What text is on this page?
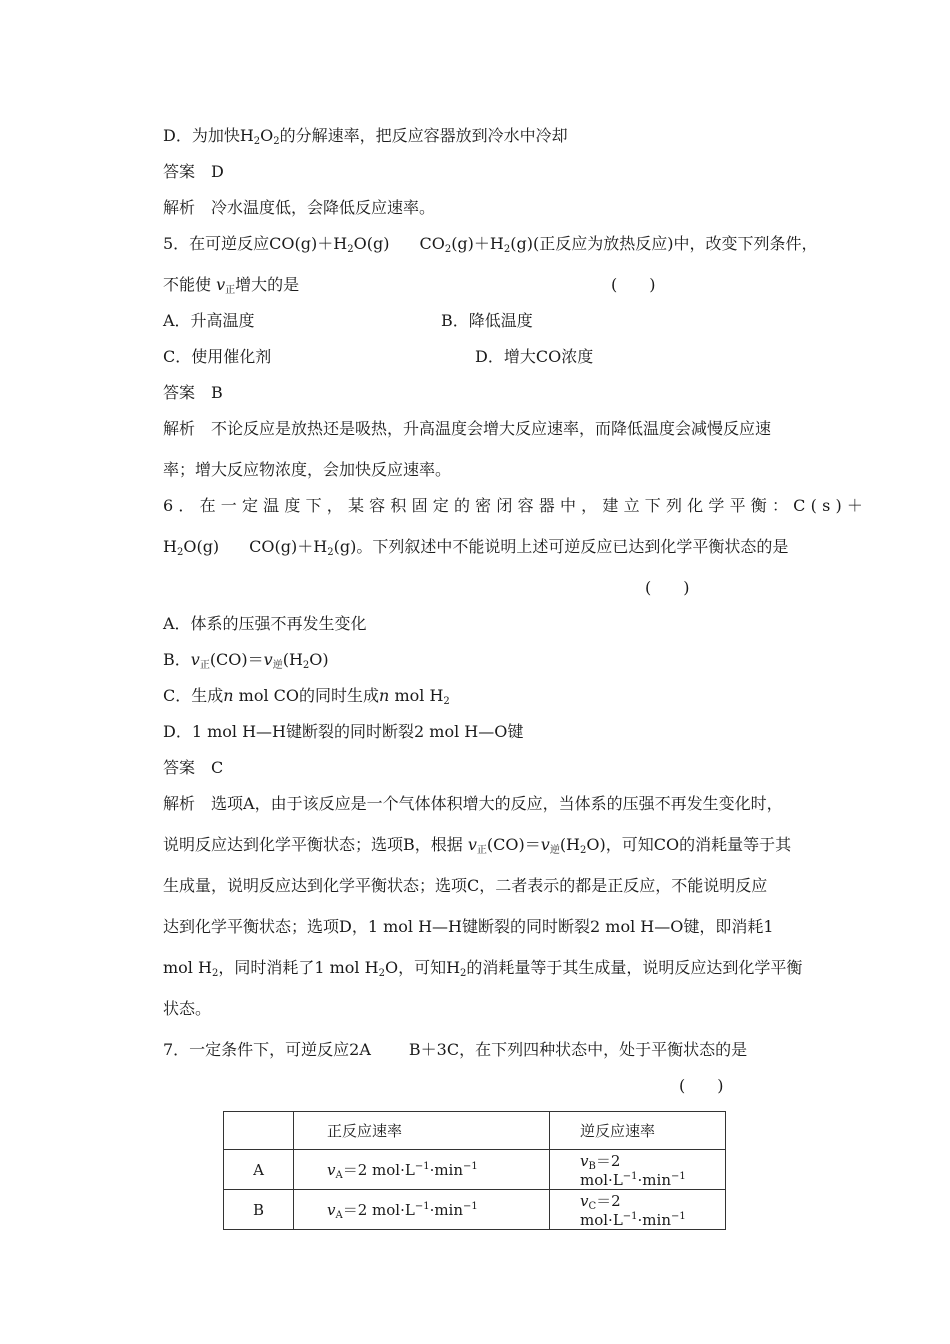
D．为加快$H_2O_2$的分解速率，把反应容器放到冷水中冷却
答案　 D
解析　 冷水温度低，会降低反应速率。
5．在可逆反应$CO(g)+H_2O(g)$ $CO_2(g)+H_2(g)$(正反应为放热反应)中，改变下列条件，
不能使 $v_正$增大的是	(　　)
A．升高温度	B．降低温度
C．使用催化剂	D．增大CO浓度
答案　 B
解析　 不论反应是放热还是吸热，升高温度会增大反应速率，而降低温度会减慢反应速
率；增大反应物浓度，会加快反应速率。
6．在一定温度下，某容积固定的密闭容器中，建立下列化学平衡：C(s)＋
$H_2O(g)$ $CO(g)+H_2(g)$。下列叙述中不能说明上述可逆反应已达到化学平衡状态的是
(　　)
A．体系的压强不再发生变化
B．$v_正(CO)=v_逆(H_2O)$
C．生成n mol CO的同时生成n mol $H_2$
D．1 mol H—H键断裂的同时断裂2 mol H—O键
答案　 C
解析　 选项A，由于该反应是一个气体体积增大的反应，当体系的压强不再发生变化时，
说明反应达到化学平衡状态；选项B，根据 $v_正(CO)=v_逆(H_2O)$，可知CO的消耗量等于其
生成量，说明反应达到化学平衡状态；选项C，二者表示的都是正反应，不能说明反应
达到化学平衡状态；选项D，1 mol H—H键断裂的同时断裂2 mol H—O键，即消耗1
mol $H_2$，同时消耗了1 mol $H_2O$，可知$H_2$的消耗量等于其生成量，说明反应达到化学平衡
状态。
7．一定条件下，可逆反应2A B＋3C，在下列四种状态中，处于平衡状态的是
(　　)
	正反应速率	逆反应速率
A	$v_A=2$ $mol\cdot L^{-1}\cdot\min^{-1}$	$v_B=2$ $mol\cdot L^{-1}\cdot\min^{-1}$
B	$v_A=2$ $mol\cdot L^{-1}\cdot\min^{-1}$	$v_C=2$ $mol\cdot L^{-1}\cdot\min^{-1}$
